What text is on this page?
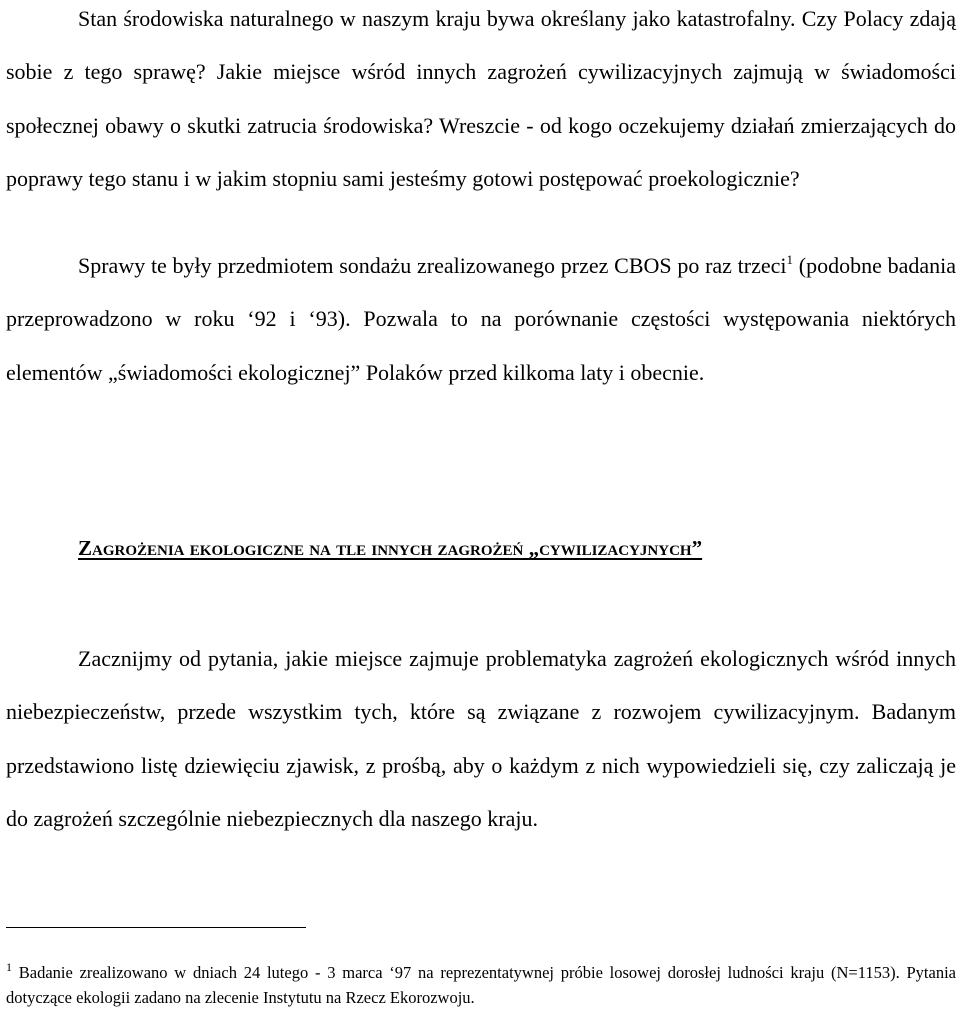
Stan środowiska naturalnego w naszym kraju bywa określany jako katastrofalny. Czy Polacy zdają sobie z tego sprawę? Jakie miejsce wśród innych zagrożeń cywilizacyjnych zajmują w świadomości społecznej obawy o skutki zatrucia środowiska? Wreszcie - od kogo oczekujemy działań zmierzających do poprawy tego stanu i w jakim stopniu sami jesteśmy gotowi postępować proekologicznie?

Sprawy te były przedmiotem sondażu zrealizowanego przez CBOS po raz trzeci$^1$ (podobne badania przeprowadzono w roku ‘92 i ‘93). Pozwala to na porównanie częstości występowania niektórych elementów „świadomości ekologicznej” Polaków przed kilkoma laty i obecnie.

Zagrożenia ekologiczne na tle innych zagrożeń „cywilizacyjnych”

Zacznijmy od pytania, jakie miejsce zajmuje problematyka zagrożeń ekologicznych wśród innych niebezpieczeństw, przede wszystkim tych, które są związane z rozwojem cywilizacyjnym. Badanym przedstawiono listę dziewięciu zjawisk, z prośbą, aby o każdym z nich wypowiedzieli się, czy zaliczają je do zagrożeń szczególnie niebezpiecznych dla naszego kraju.

$^1$ Badanie zrealizowano w dniach 24 lutego - 3 marca ‘97 na reprezentatywnej próbie losowej dorosłej ludności kraju (N=1153). Pytania dotyczące ekologii zadano na zlecenie Instytutu na Rzecz Ekorozwoju.
